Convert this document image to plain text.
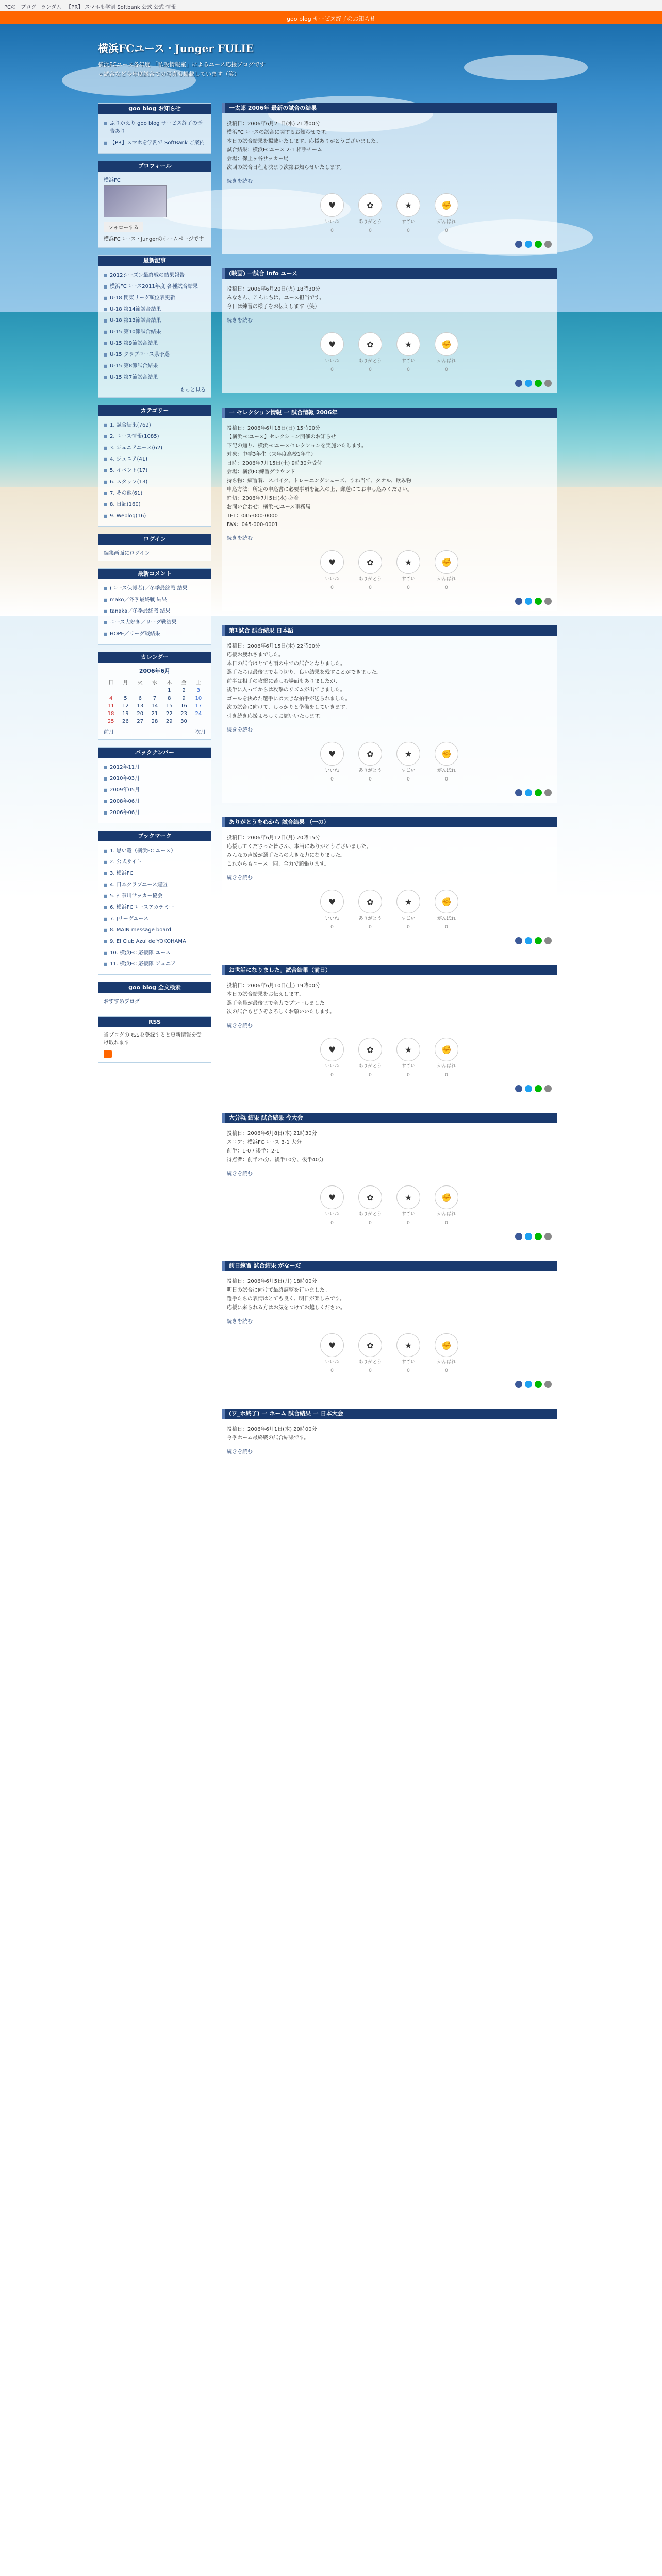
PCの ブログ ランダム 【PR】 スマホも学割 Softbank 公式 公式 情報
goo blog サービス終了のお知らせ
横浜FCユース・Junger FULIE
横浜FCユース各年度 「私設情報室」によるユース応援ブログです
ｅ試合など今年度試合での写真も掲載しています（笑）
goo blog お知らせ
■ ふりかえり goo blog サービス終了の予告あり
■ 【PR】スマホを学割で SoftBank ご案内
プロフィール
横浜FC
フォローする
横浜FCユース・Jungerのホームページです
最新記事
■ 2012シーズン最終戦の結果報告
■ 横浜FCユース2011年度 各種試合結果
■ U-18 関東リーグ順位表更新
■ U-18 第14節試合結果
■ U-18 第13節試合結果
■ U-15 第10節試合結果
■ U-15 第9節試合結果
■ U-15 クラブユース県予選
■ U-15 第8節試合結果
■ U-15 第7節試合結果
もっと見る
カテゴリー
■ 1. 試合結果(762)
■ 2. ユース情報(1085)
■ 3. ジュニアユース(62)
■ 4. ジュニア(41)
■ 5. イベント(17)
■ 6. スタッフ(13)
■ 7. その他(61)
■ 8. 日記(160)
■ 9. Weblog(16)
ログイン
編集画面にログイン
最新コメント
■ (ユース保護者)／冬季最終戦 結果
■ mako／冬季最終戦 結果
■ tanaka／冬季最終戦 結果
■ ユース大好き／リーグ戦結果
■ HOPE／リーグ戦結果
カレンダー
2006年6月
日	月	火	水	木	金	土
				1	2	3
4	5	6	7	8	9	10
11	12	13	14	15	16	17
18	19	20	21	22	23	24
25	26	27	28	29	30	
前月	次月
バックナンバー
■ 2012年11月
■ 2010年03月
■ 2009年05月
■ 2008年06月
■ 2006年06月
ブックマーク
■ 1. 思い遣（横浜FC ユース）
■ 2. 公式サイト
■ 3. 横浜FC
■ 4. 日本クラブユース連盟
■ 5. 神奈川サッカー協会
■ 6. 横浜FCユースアカデミー
■ 7. Jリーグユース
■ 8. MAIN message board
■ 9. El Club Azul de YOKOHAMA
■ 10. 横浜FC 応援隊 ユース
■ 11. 横浜FC 応援隊 ジュニア
goo blog 全文検索
おすすめブログ
RSS
当ブログのRSSを登録すると更新情報を受け取れます
一太郎 2006年 最新の試合の結果

投稿日：2006年6月21日(水) 21時00分

横浜FCユースの試合に関するお知らせです。

本日の試合結果を掲載いたします。応援ありがとうございました。

試合結果：横浜FCユース 2-1 相手チーム

会場：保土ヶ谷サッカー場

次回の試合日程も決まり次第お知らせいたします。

続きを読む
♥
いいね
0
✿
ありがとう
0
★
すごい
0
✊
がんばれ
0
(映画) 一試合 info ユース

投稿日：2006年6月20日(火) 18時30分

みなさん、こんにちは。ユース担当です。

今日は練習の様子をお伝えします（笑）

続きを読む
♥
いいね
0
✿
ありがとう
0
★
すごい
0
✊
がんばれ
0
一 セレクション情報 一 試合情報 2006年

投稿日：2006年6月18日(日) 15時00分

【横浜FCユース】セレクション開催のお知らせ

下記の通り、横浜FCユースセレクションを実施いたします。

対象：中学3年生（来年度高校1年生）

日時：2006年7月15日(土) 9時30分受付

会場：横浜FC練習グラウンド

持ち物：練習着、スパイク、トレーニングシューズ、すね当て、タオル、飲み物

申込方法：所定の申込書に必要事項を記入の上、郵送にてお申し込みください。

締切：2006年7月5日(水) 必着

お問い合わせ：横浜FCユース事務局

TEL：045-000-0000

FAX：045-000-0001

続きを読む
♥
いいね
0
✿
ありがとう
0
★
すごい
0
✊
がんばれ
0
第1試合 試合結果 日本語

投稿日：2006年6月15日(木) 22時00分

応援お疲れさまでした。

本日の試合はとても雨の中での試合となりました。

選手たちは最後まで走り切り、良い結果を残すことができました。

前半は相手の攻撃に苦しむ場面もありましたが、

後半に入ってからは攻撃のリズムが出てきました。

ゴールを決めた選手には大きな拍手が送られました。

次の試合に向けて、しっかりと準備をしていきます。

引き続き応援よろしくお願いいたします。

続きを読む
♥
いいね
0
✿
ありがとう
0
★
すごい
0
✊
がんばれ
0
ありがとうを心から 試合結果 （一の）

投稿日：2006年6月12日(月) 20時15分

応援してくださった皆さん、本当にありがとうございました。

みんなの声援が選手たちの大きな力になりました。

これからもユース一同、全力で頑張ります。

続きを読む
♥
いいね
0
✿
ありがとう
0
★
すごい
0
✊
がんばれ
0
お世話になりました。試合結果（前日）

投稿日：2006年6月10日(土) 19時00分

本日の試合結果をお伝えします。

選手全員が最後まで全力でプレーしました。

次の試合もどうぞよろしくお願いいたします。

続きを読む
♥
いいね
0
✿
ありがとう
0
★
すごい
0
✊
がんばれ
0
大分戦 結果 試合結果 今大会

投稿日：2006年6月8日(木) 21時30分

スコア：横浜FCユース 3-1 大分

前半：1-0 / 後半：2-1

得点者：前半25分、後半10分、後半40分

続きを読む
♥
いいね
0
✿
ありがとう
0
★
すごい
0
✊
がんばれ
0
前日練習 試合結果 がなーだ

投稿日：2006年6月5日(月) 18時00分

明日の試合に向けて最終調整を行いました。

選手たちの表情はとても良く、明日が楽しみです。

応援に来られる方はお気をつけてお越しください。

続きを読む
♥
いいね
0
✿
ありがとう
0
★
すごい
0
✊
がんばれ
0
(ワ_ホ終了) 一 ホーム 試合結果 一 日本大会

投稿日：2006年6月1日(木) 20時00分

今季ホーム最終戦の試合結果です。

続きを読む
